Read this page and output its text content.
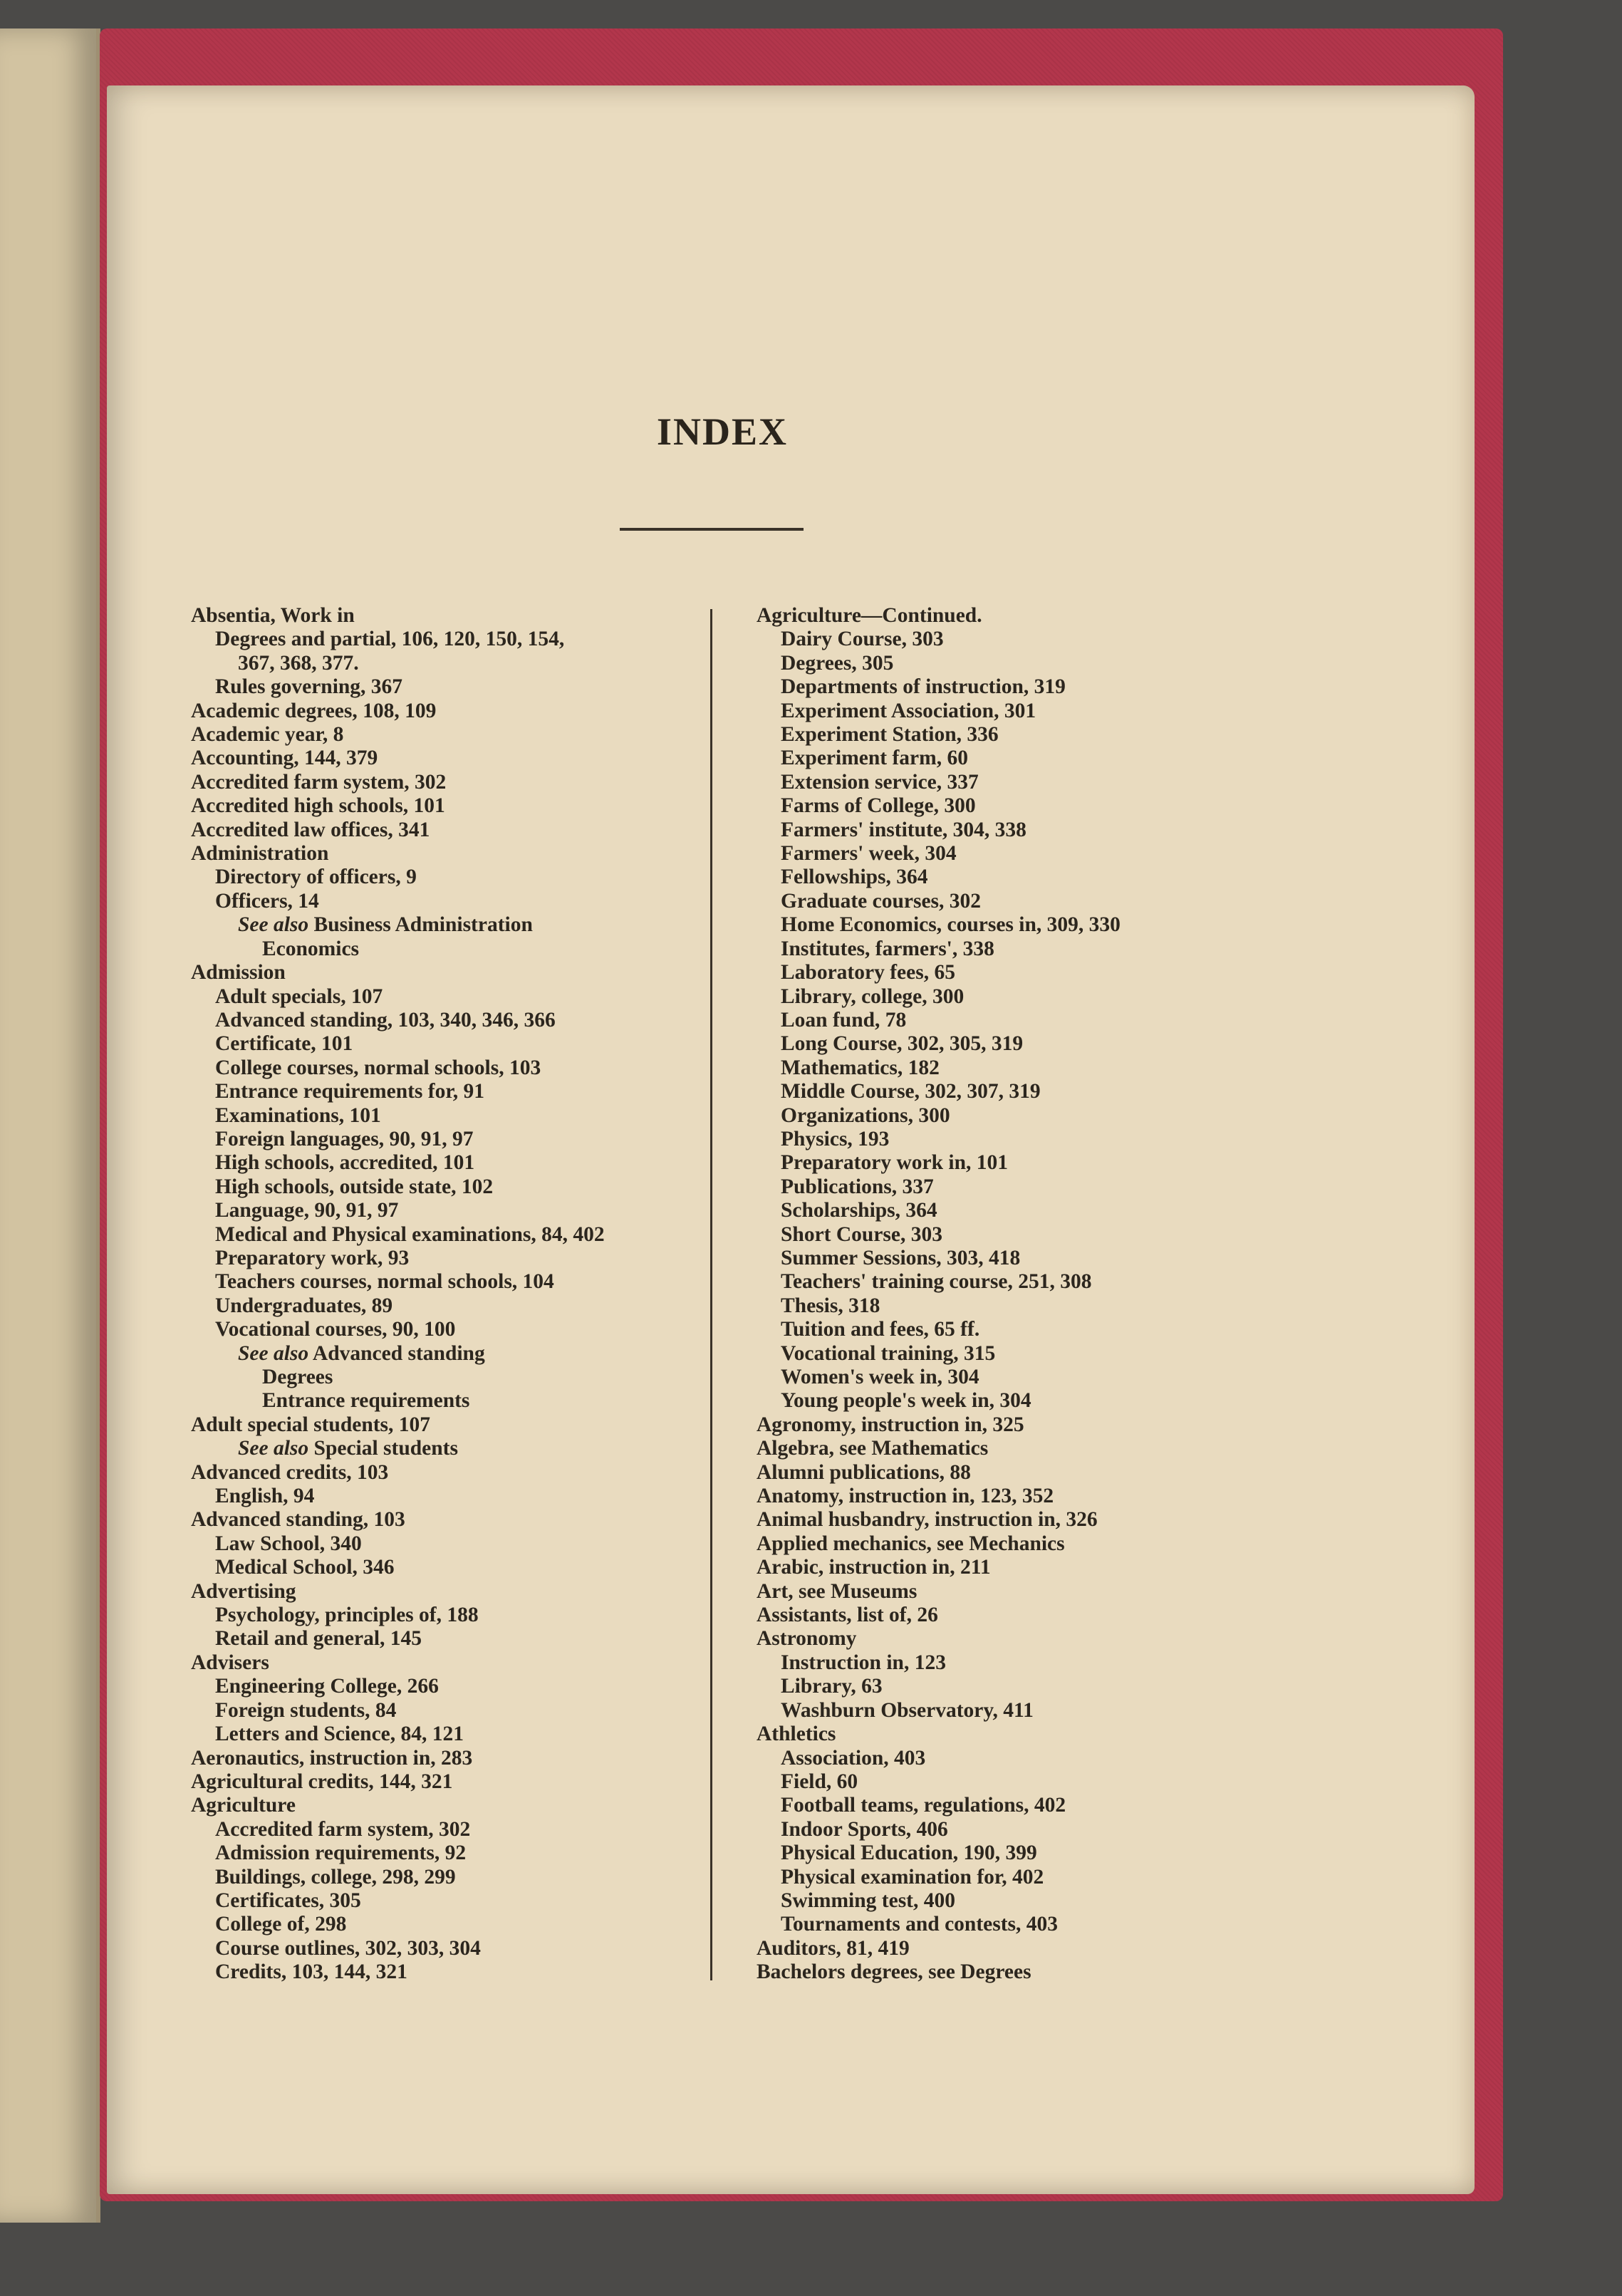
INDEX
Absentia, Work in
Degrees and partial, 106, 120, 150, 154,
367, 368, 377.
Rules governing, 367
Academic degrees, 108, 109
Academic year, 8
Accounting, 144, 379
Accredited farm system, 302
Accredited high schools, 101
Accredited law offices, 341
Administration
Directory of officers, 9
Officers, 14
See also Business Administration
Economics
Admission
Adult specials, 107
Advanced standing, 103, 340, 346, 366
Certificate, 101
College courses, normal schools, 103
Entrance requirements for, 91
Examinations, 101
Foreign languages, 90, 91, 97
High schools, accredited, 101
High schools, outside state, 102
Language, 90, 91, 97
Medical and Physical examinations, 84, 402
Preparatory work, 93
Teachers courses, normal schools, 104
Undergraduates, 89
Vocational courses, 90, 100
See also Advanced standing
Degrees
Entrance requirements
Adult special students, 107
See also Special students
Advanced credits, 103
English, 94
Advanced standing, 103
Law School, 340
Medical School, 346
Advertising
Psychology, principles of, 188
Retail and general, 145
Advisers
Engineering College, 266
Foreign students, 84
Letters and Science, 84, 121
Aeronautics, instruction in, 283
Agricultural credits, 144, 321
Agriculture
Accredited farm system, 302
Admission requirements, 92
Buildings, college, 298, 299
Certificates, 305
College of, 298
Course outlines, 302, 303, 304
Credits, 103, 144, 321
Agriculture—Continued.
Dairy Course, 303
Degrees, 305
Departments of instruction, 319
Experiment Association, 301
Experiment Station, 336
Experiment farm, 60
Extension service, 337
Farms of College, 300
Farmers' institute, 304, 338
Farmers' week, 304
Fellowships, 364
Graduate courses, 302
Home Economics, courses in, 309, 330
Institutes, farmers', 338
Laboratory fees, 65
Library, college, 300
Loan fund, 78
Long Course, 302, 305, 319
Mathematics, 182
Middle Course, 302, 307, 319
Organizations, 300
Physics, 193
Preparatory work in, 101
Publications, 337
Scholarships, 364
Short Course, 303
Summer Sessions, 303, 418
Teachers' training course, 251, 308
Thesis, 318
Tuition and fees, 65 ff.
Vocational training, 315
Women's week in, 304
Young people's week in, 304
Agronomy, instruction in, 325
Algebra, see Mathematics
Alumni publications, 88
Anatomy, instruction in, 123, 352
Animal husbandry, instruction in, 326
Applied mechanics, see Mechanics
Arabic, instruction in, 211
Art, see Museums
Assistants, list of, 26
Astronomy
Instruction in, 123
Library, 63
Washburn Observatory, 411
Athletics
Association, 403
Field, 60
Football teams, regulations, 402
Indoor Sports, 406
Physical Education, 190, 399
Physical examination for, 402
Swimming test, 400
Tournaments and contests, 403
Auditors, 81, 419
Bachelors degrees, see Degrees
